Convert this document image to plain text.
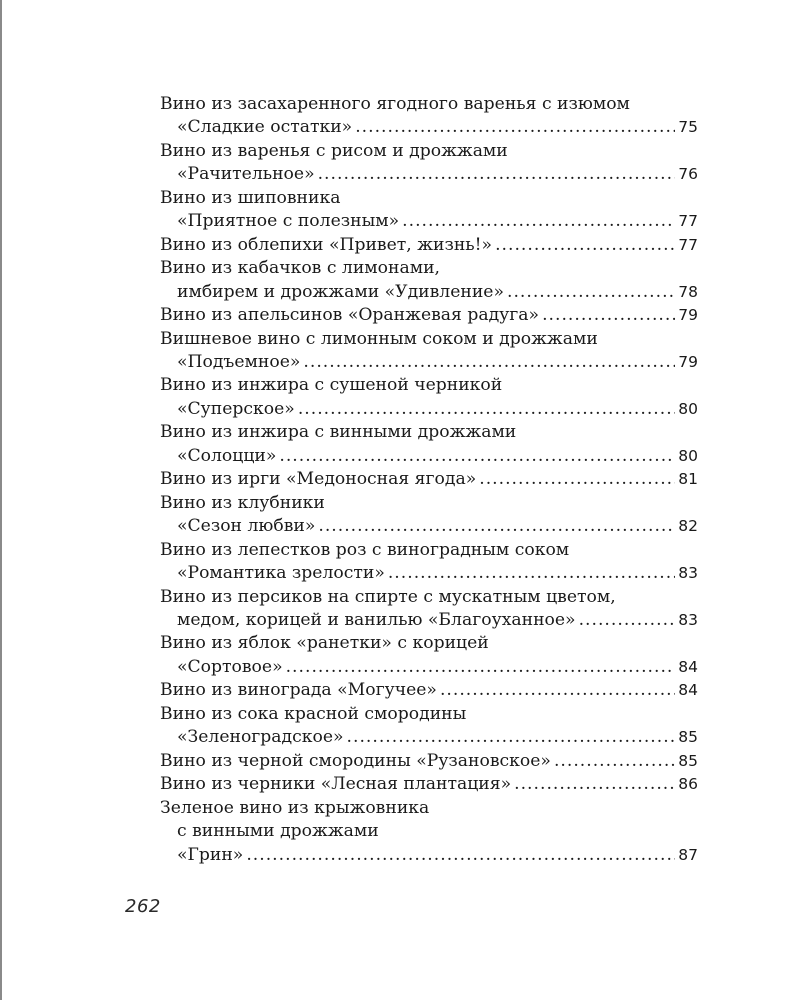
Вино из засахаренного ягодного варенья с изюмом
«Сладкие остатки» .....	75
Вино из варенья с рисом и дрожжами
«Рачительное» .....	76
Вино из шиповника
«Приятное с полезным» .....	77
Вино из облепихи «Привет, жизнь!» .....	77
Вино из кабачков с лимонами,
имбирем и дрожжами «Удивление» .....	78
Вино из апельсинов «Оранжевая радуга» .....	79
Вишневое вино с лимонным соком и дрожжами
«Подъемное» .....	79
Вино из инжира с сушеной черникой
«Суперское» .....	80
Вино из инжира с винными дрожжами
«Солоцци» .....	80
Вино из ирги «Медоносная ягода» .....	81
Вино из клубники
«Сезон любви» .....	82
Вино из лепестков роз с виноградным соком
«Романтика зрелости» .....	83
Вино из персиков на спирте с мускатным цветом,
медом, корицей и ванилью «Благоуханное» .....	83
Вино из яблок «ранетки» с корицей
«Сортовое» .....	84
Вино из винограда «Могучее» .....	84
Вино из сока красной смородины
«Зеленоградское» .....	85
Вино из черной смородины «Рузановское» .....	85
Вино из черники «Лесная плантация» .....	86
Зеленое вино из крыжовника
с винными дрожжами
«Грин» .....	87
262
